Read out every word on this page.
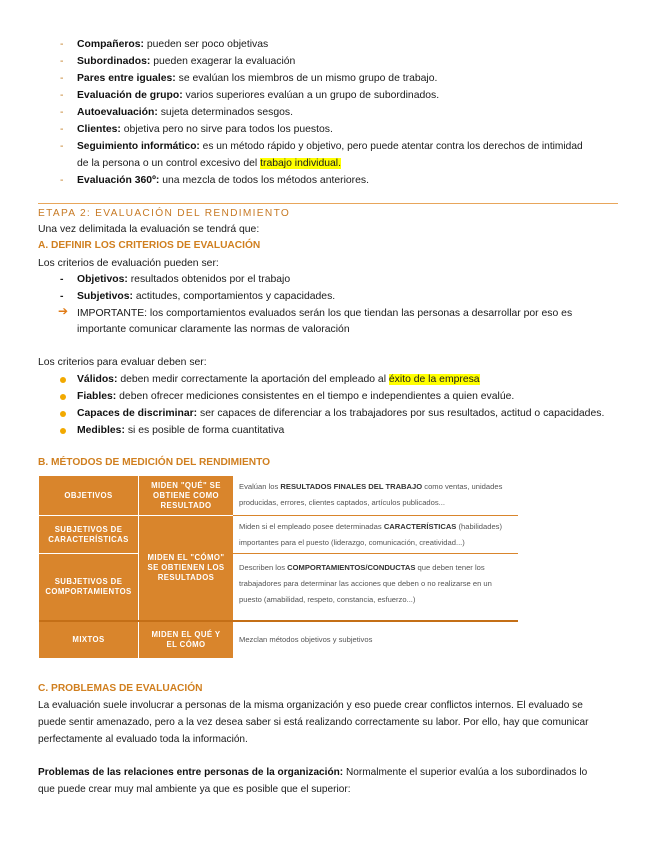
- Compañeros: pueden ser poco objetivas
- Subordinados: pueden exagerar la evaluación
- Pares entre iguales: se evalúan los miembros de un mismo grupo de trabajo.
- Evaluación de grupo: varios superiores evalúan a un grupo de subordinados.
- Autoevaluación: sujeta determinados sesgos.
- Clientes: objetiva pero no sirve para todos los puestos.
- Seguimiento informático: es un método rápido y objetivo, pero puede atentar contra los derechos de intimidad
de la persona o un control excesivo del trabajo individual.
- Evaluación 360º: una mezcla de todos los métodos anteriores.
ETAPA 2: EVALUACIÓN DEL RENDIMIENTO
Una vez delimitada la evaluación se tendrá que:
A. DEFINIR LOS CRITERIOS DE EVALUACIÓN
Los criterios de evaluación pueden ser:
- Objetivos: resultados obtenidos por el trabajo
- Subjetivos: actitudes, comportamientos y capacidades.
➔ IMPORTANTE: los comportamientos evaluados serán los que tiendan las personas a desarrollar por eso es
importante comunicar claramente las normas de valoración
Los criterios para evaluar deben ser:
Válidos: deben medir correctamente la aportación del empleado al éxito de la empresa
Fiables: deben ofrecer mediciones consistentes en el tiempo e independientes a quien evalúe.
Capaces de discriminar: ser capaces de diferenciar a los trabajadores por sus resultados, actitud o capacidades.
Medibles: si es posible de forma cuantitativa
B. MÉTODOS DE MEDICIÓN DEL RENDIMIENTO
OBJETIVOS
MIDEN "QUÉ" SE OBTIENE COMO RESULTADO
Evalúan los RESULTADOS FINALES DEL TRABAJO como ventas, unidades
producidas, errores, clientes captados, artículos publicados...
SUBJETIVOS DE CARACTERÍSTICAS
MIDEN EL "CÓMO" SE OBTIENEN LOS RESULTADOS
Miden si el empleado posee determinadas CARACTERÍSTICAS (habilidades)
importantes para el puesto (liderazgo, comunicación, creatividad...)
SUBJETIVOS DE COMPORTAMIENTOS
Describen los COMPORTAMIENTOS/CONDUCTAS que deben tener los
trabajadores para determinar las acciones que deben o no realizarse en un
puesto (amabilidad, respeto, constancia, esfuerzo...)
MIXTOS
MIDEN EL QUÉ Y EL CÓMO
Mezclan métodos objetivos y subjetivos
C. PROBLEMAS DE EVALUACIÓN
La evaluación suele involucrar a personas de la misma organización y eso puede crear conflictos internos. El evaluado se
puede sentir amenazado, pero a la vez desea saber si está realizando correctamente su labor. Por ello, hay que comunicar
perfectamente al evaluado toda la información.
Problemas de las relaciones entre personas de la organización: Normalmente el superior evalúa a los subordinados lo
que puede crear muy mal ambiente ya que es posible que el superior:
